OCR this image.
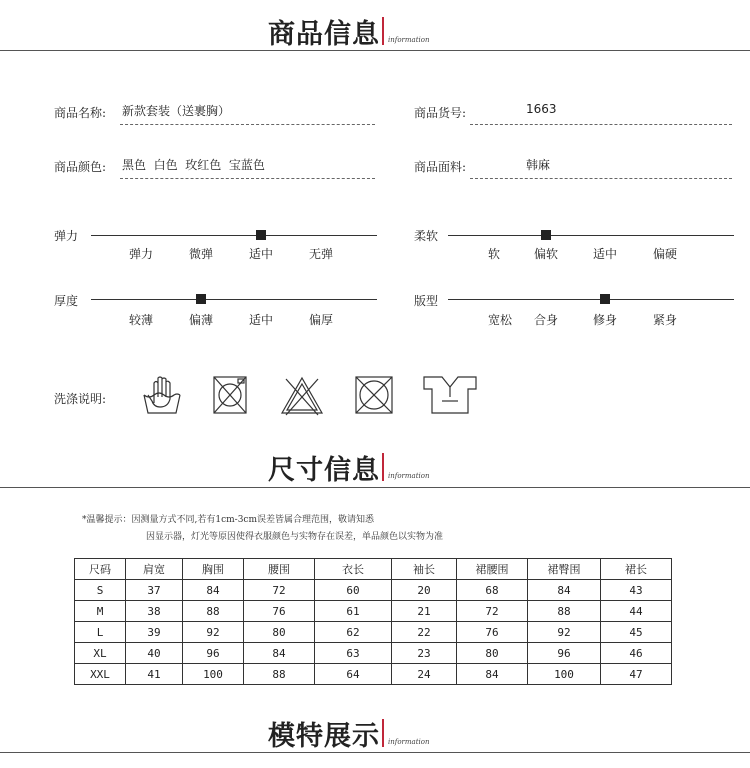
商品信息 information
商品名称: 新款套装（送裹胸）	商品货号:	1663
商品颜色: 黑色  白色  玫红色  宝蓝色	商品面料:	韩麻
弹力
弹力	微弹	适中	无弹
柔软
软	偏软	适中	偏硬
厚度
较薄	偏薄	适中	偏厚
版型
宽松 合身	修身	紧身
洗涤说明:
尺寸信息 information
*温馨提示：因测量方式不同,若有1cm-3cm误差皆属合理范围，敬请知悉
因显示器，灯光等原因使得衣服颜色与实物存在误差，单品颜色以实物为准
尺码	肩宽	胸围	腰围	衣长	袖长	裙腰围	裙臀围	裙长
S	37	84	72	60	20	68	84	43
M	38	88	76	61	21	72	88	44
L	39	92	80	62	22	76	92	45
XL	40	96	84	63	23	80	96	46
XXL	41	100	88	64	24	84	100	47
模特展示 information
